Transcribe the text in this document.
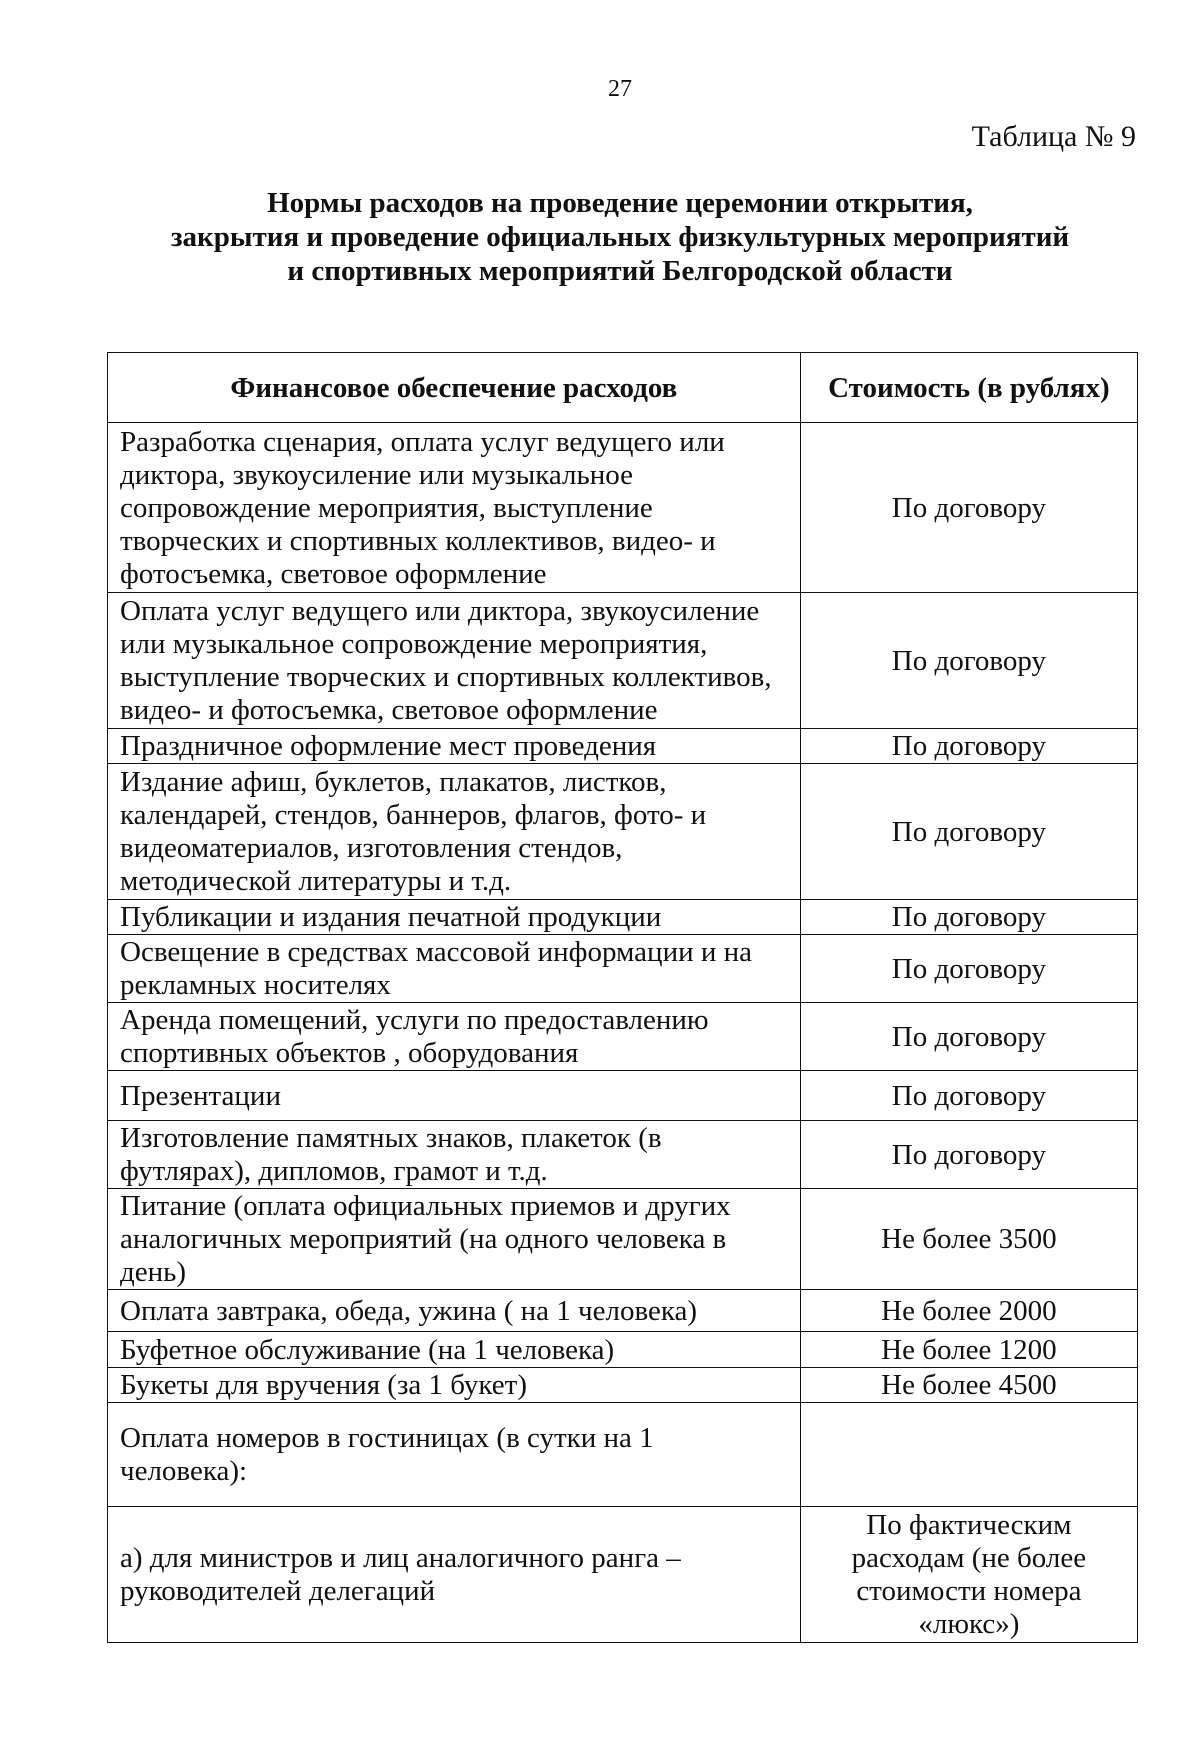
27
Таблица № 9
Нормы расходов на проведение церемонии открытия,
закрытия и проведение официальных физкультурных мероприятий
и спортивных мероприятий Белгородской области
Финансовое обеспечение расходов	Стоимость (в рублях)
Разработка сценария, оплата услуг ведущего или диктора, звукоусиление или музыкальное сопровождение мероприятия, выступление творческих и спортивных коллективов, видео- и фотосъемка, световое оформление	По договору
Оплата услуг ведущего или диктора, звукоусиление или музыкальное сопровождение мероприятия, выступление творческих и спортивных коллективов, видео- и фотосъемка, световое оформление	По договору
Праздничное оформление мест проведения	По договору
Издание афиш, буклетов, плакатов, листков, календарей, стендов, баннеров, флагов, фото- и видеоматериалов, изготовления стендов, методической литературы и т.д.	По договору
Публикации и издания печатной продукции	По договору
Освещение в средствах массовой информации и на рекламных носителях	По договору
Аренда помещений, услуги по предоставлению спортивных объектов , оборудования	По договору
Презентации	По договору
Изготовление памятных знаков, плакеток (в футлярах), дипломов, грамот и т.д.	По договору
Питание (оплата официальных приемов и других аналогичных мероприятий (на одного человека в день)	Не более 3500
Оплата завтрака, обеда, ужина ( на 1 человека)	Не более 2000
Буфетное обслуживание (на 1 человека)	Не более 1200
Букеты для вручения (за 1 букет)	Не более 4500
Оплата номеров в гостиницах (в сутки на 1 человека):	
а) для министров и лиц аналогичного ранга – руководителей делегаций	По фактическим расходам (не более стоимости номера «люкс»)
